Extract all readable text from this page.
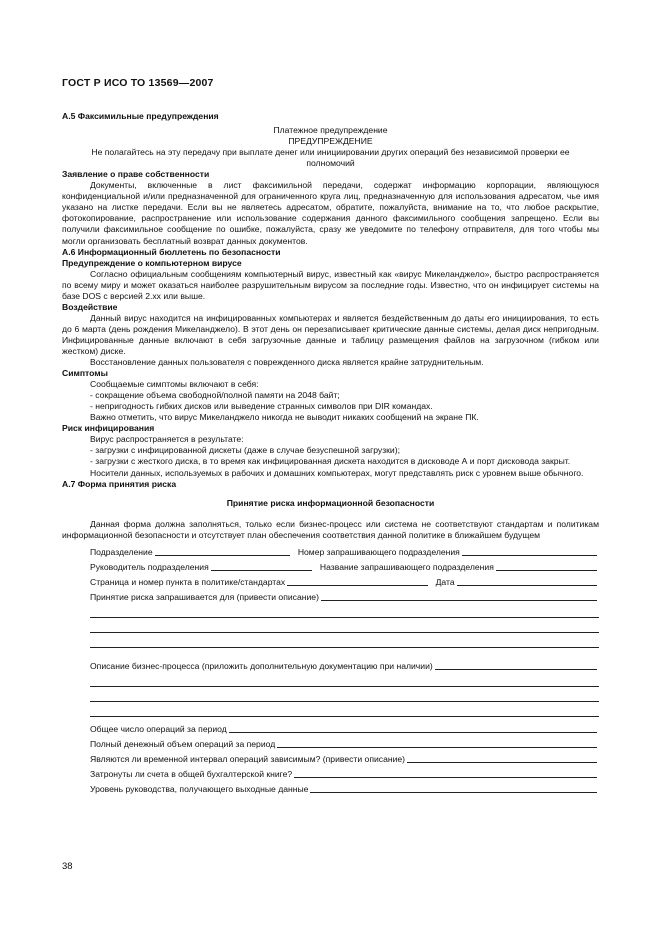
ГОСТ Р ИСО ТО 13569—2007

А.5 Факсимильные предупреждения

Платежное предупреждение

ПРЕДУПРЕЖДЕНИЕ

Не полагайтесь на эту передачу при выплате денег или инициировании других операций без независимой проверки ее полномочий

Заявление о праве собственности

Документы, включенные в лист факсимильной передачи, содержат информацию корпорации, являющуюся конфиденциальной и/или предназначенной для ограниченного круга лиц, предназначенную для использования адресатом, чье имя указано на листке передачи. Если вы не являетесь адресатом, обратите, пожалуйста, внимание на то, что любое раскрытие, фотокопирование, распространение или использование содержания данного факсимильного сообщения запрещено. Если вы получили факсимильное сообщение по ошибке, пожалуйста, сразу же уведомите по телефону отправителя, для того чтобы мы могли организовать бесплатный возврат данных документов.

А.6 Информационный бюллетень по безопасности

Предупреждение о компьютерном вирусе

Согласно официальным сообщениям компьютерный вирус, известный как «вирус Микеланджело», быстро распространяется по всему миру и может оказаться наиболее разрушительным вирусом за последние годы. Известно, что он инфицирует системы на базе DOS с версией 2.хх или выше.

Воздействие

Данный вирус находится на инфицированных компьютерах и является бездейственным до даты его инициирования, то есть до 6 марта (день рождения Микеланджело). В этот день он перезаписывает критические данные системы, делая диск непригодным. Инфицированные данные включают в себя загрузочные данные и таблицу размещения файлов на загрузочном (гибком или жестком) диске.

Восстановление данных пользователя с поврежденного диска является крайне затруднительным.

Симптомы

Сообщаемые симптомы включают в себя:

- сокращение объема свободной/полной памяти на 2048 байт;

- непригодность гибких дисков или выведение странных символов при DIR командах.

Важно отметить, что вирус Микеланджело никогда не выводит никаких сообщений на экране ПК.

Риск инфицирования

Вирус распространяется в результате:

- загрузки с инфицированной дискеты (даже в случае безуспешной загрузки);

- загрузки с жесткого диска, в то время как инфицированная дискета находится в дисководе А и порт дисковода закрыт.

Носители данных, используемых в рабочих и домашних компьютерах, могут представлять риск с уровнем выше обычного.

А.7 Форма принятия риска

Принятие риска информационной безопасности

Данная форма должна заполняться, только если бизнес-процесс или система не соответствуют стандартам и политикам информационной безопасности и отсутствует план обеспечения соответствия данной политике в ближайшем будущем

Подразделение	Номер запрашивающего подразделения
Руководитель подразделения	Название запрашивающего подразделения
Страница и номер пункта в политике/стандартах	Дата
Принятие риска запрашивается для (привести описание)
Описание бизнес-процесса (приложить дополнительную документацию при наличии)
Общее число операций за период
Полный денежный объем операций за период
Являются ли временной интервал операций зависимым? (привести описание)
Затронуты ли счета в общей бухгалтерской книге?
Уровень руководства, получающего выходные данные
38
